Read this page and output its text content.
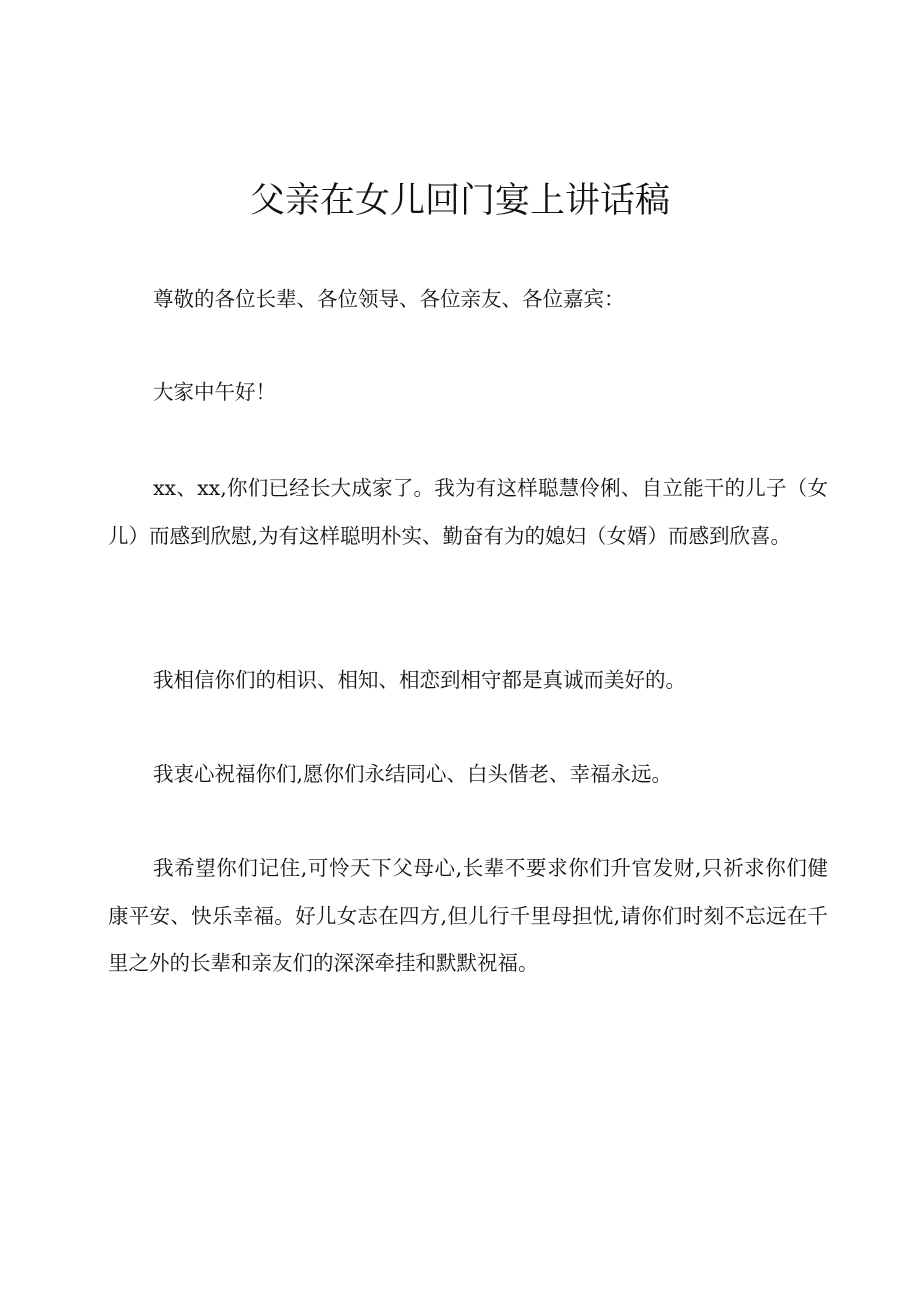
父亲在女儿回门宴上讲话稿

尊敬的各位长辈、各位领导、各位亲友、各位嘉宾：

大家中午好！

xx、xx,你们已经长大成家了。我为有这样聪慧伶俐、自立能干的儿子（女儿）而感到欣慰,为有这样聪明朴实、勤奋有为的媳妇（女婿）而感到欣喜。

我相信你们的相识、相知、相恋到相守都是真诚而美好的。

我衷心祝福你们,愿你们永结同心、白头偕老、幸福永远。

我希望你们记住,可怜天下父母心,长辈不要求你们升官发财,只祈求你们健康平安、快乐幸福。好儿女志在四方,但儿行千里母担忧,请你们时刻不忘远在千里之外的长辈和亲友们的深深牵挂和默默祝福。
